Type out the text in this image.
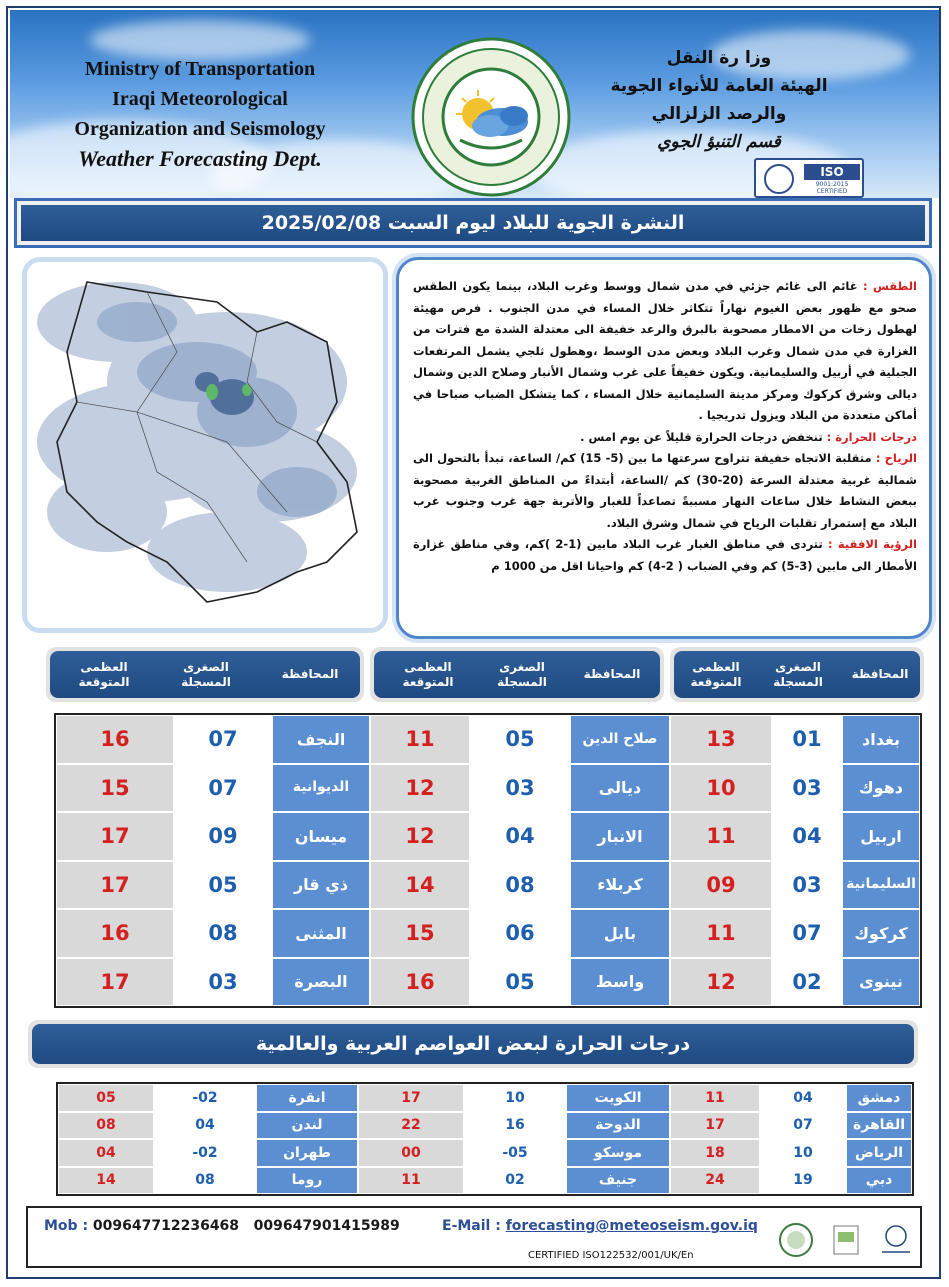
Ministry of Transportation
Iraqi Meteorological
Organization and Seismology
Weather Forecasting Dept.
وزا رة النقل
الهيئة العامة للأنواء الجوية
والرصد الزلزالي
قسم التنبؤ الجوي
ISO
9001:2015
CERTIFIED
النشرة الجوية للبلاد ليوم السبت 2025/02/08
الطقس : غائم الى غائم جزئي في مدن شمال ووسط وغرب البلاد، بينما يكون الطقس صحو مع ظهور بعض الغيوم نهاراً تتكاثر خلال المساء في مدن الجنوب . فرص مهيئة لهطول زخات من الامطار مصحوبة بالبرق والرعد خفيفة الى معتدلة الشدة مع فترات من الغزارة في مدن شمال وغرب البلاد وبعض مدن الوسط ،وهطول ثلجي يشمل المرتفعات الجبلية في أربيل والسليمانية. ويكون خفيفاً على غرب وشمال الأنبار وصلاح الدين وشمال ديالى وشرق كركوك ومركز مدينة السليمانية خلال المساء ، كما يتشكل الضباب صباحا في أماكن متعددة من البلاد ويزول تدريجيا .
درجات الحرارة : تنخفض درجات الحرارة قليلاً عن يوم امس .
الرياح : متقلبة الاتجاه خفيفة تتراوح سرعتها ما بين (5- 15) كم/ الساعة، تبدأ بالتحول الى شمالية غربية معتدلة السرعة (20-30) كم /الساعة، أبتداءً من المناطق الغربية مصحوبة ببعض النشاط خلال ساعات النهار مسببةً تصاعداً للغبار والأتربة جهة غرب وجنوب غرب البلاد مع إستمرار تقلبات الرياح في شمال وشرق البلاد.
الرؤية الافقية : تتردى في مناطق الغبار غرب البلاد مابين (1-2 )كم، وفي مناطق غزارة الأمطار الى مابين (3-5) كم وفي الضباب ( 2-4) كم واحيانا اقل من 1000 م
المحافظة
الصغرى المسجلة
العظمى المتوقعة
المحافظة
الصغرى المسجلة
العظمى المتوقعة
المحافظة
الصغرى المسجلة
العظمى المتوقعة
بغداد
01
13
دهوك
03
10
اربيل
04
11
السليمانية
03
09
كركوك
07
11
نينوى
02
12
صلاح الدين
05
11
ديالى
03
12
الانبار
04
12
كربلاء
08
14
بابل
06
15
واسط
05
16
النجف
07
16
الديوانية
07
15
ميسان
09
17
ذي قار
05
17
المثنى
08
16
البصرة
03
17
درجات الحرارة لبعض العواصم العربية والعالمية
دمشق
04
11
القاهرة
07
17
الرياض
10
18
دبي
19
24
الكويت
10
17
الدوحة
16
22
موسكو
-05
00
جنيف
02
11
انقرة
-02
05
لندن
04
08
طهران
-02
04
روما
08
14
Mob : 009647712236468   009647901415989	E-Mail : forecasting@meteoseism.gov.iq
CERTIFIED ISO122532/001/UK/En
